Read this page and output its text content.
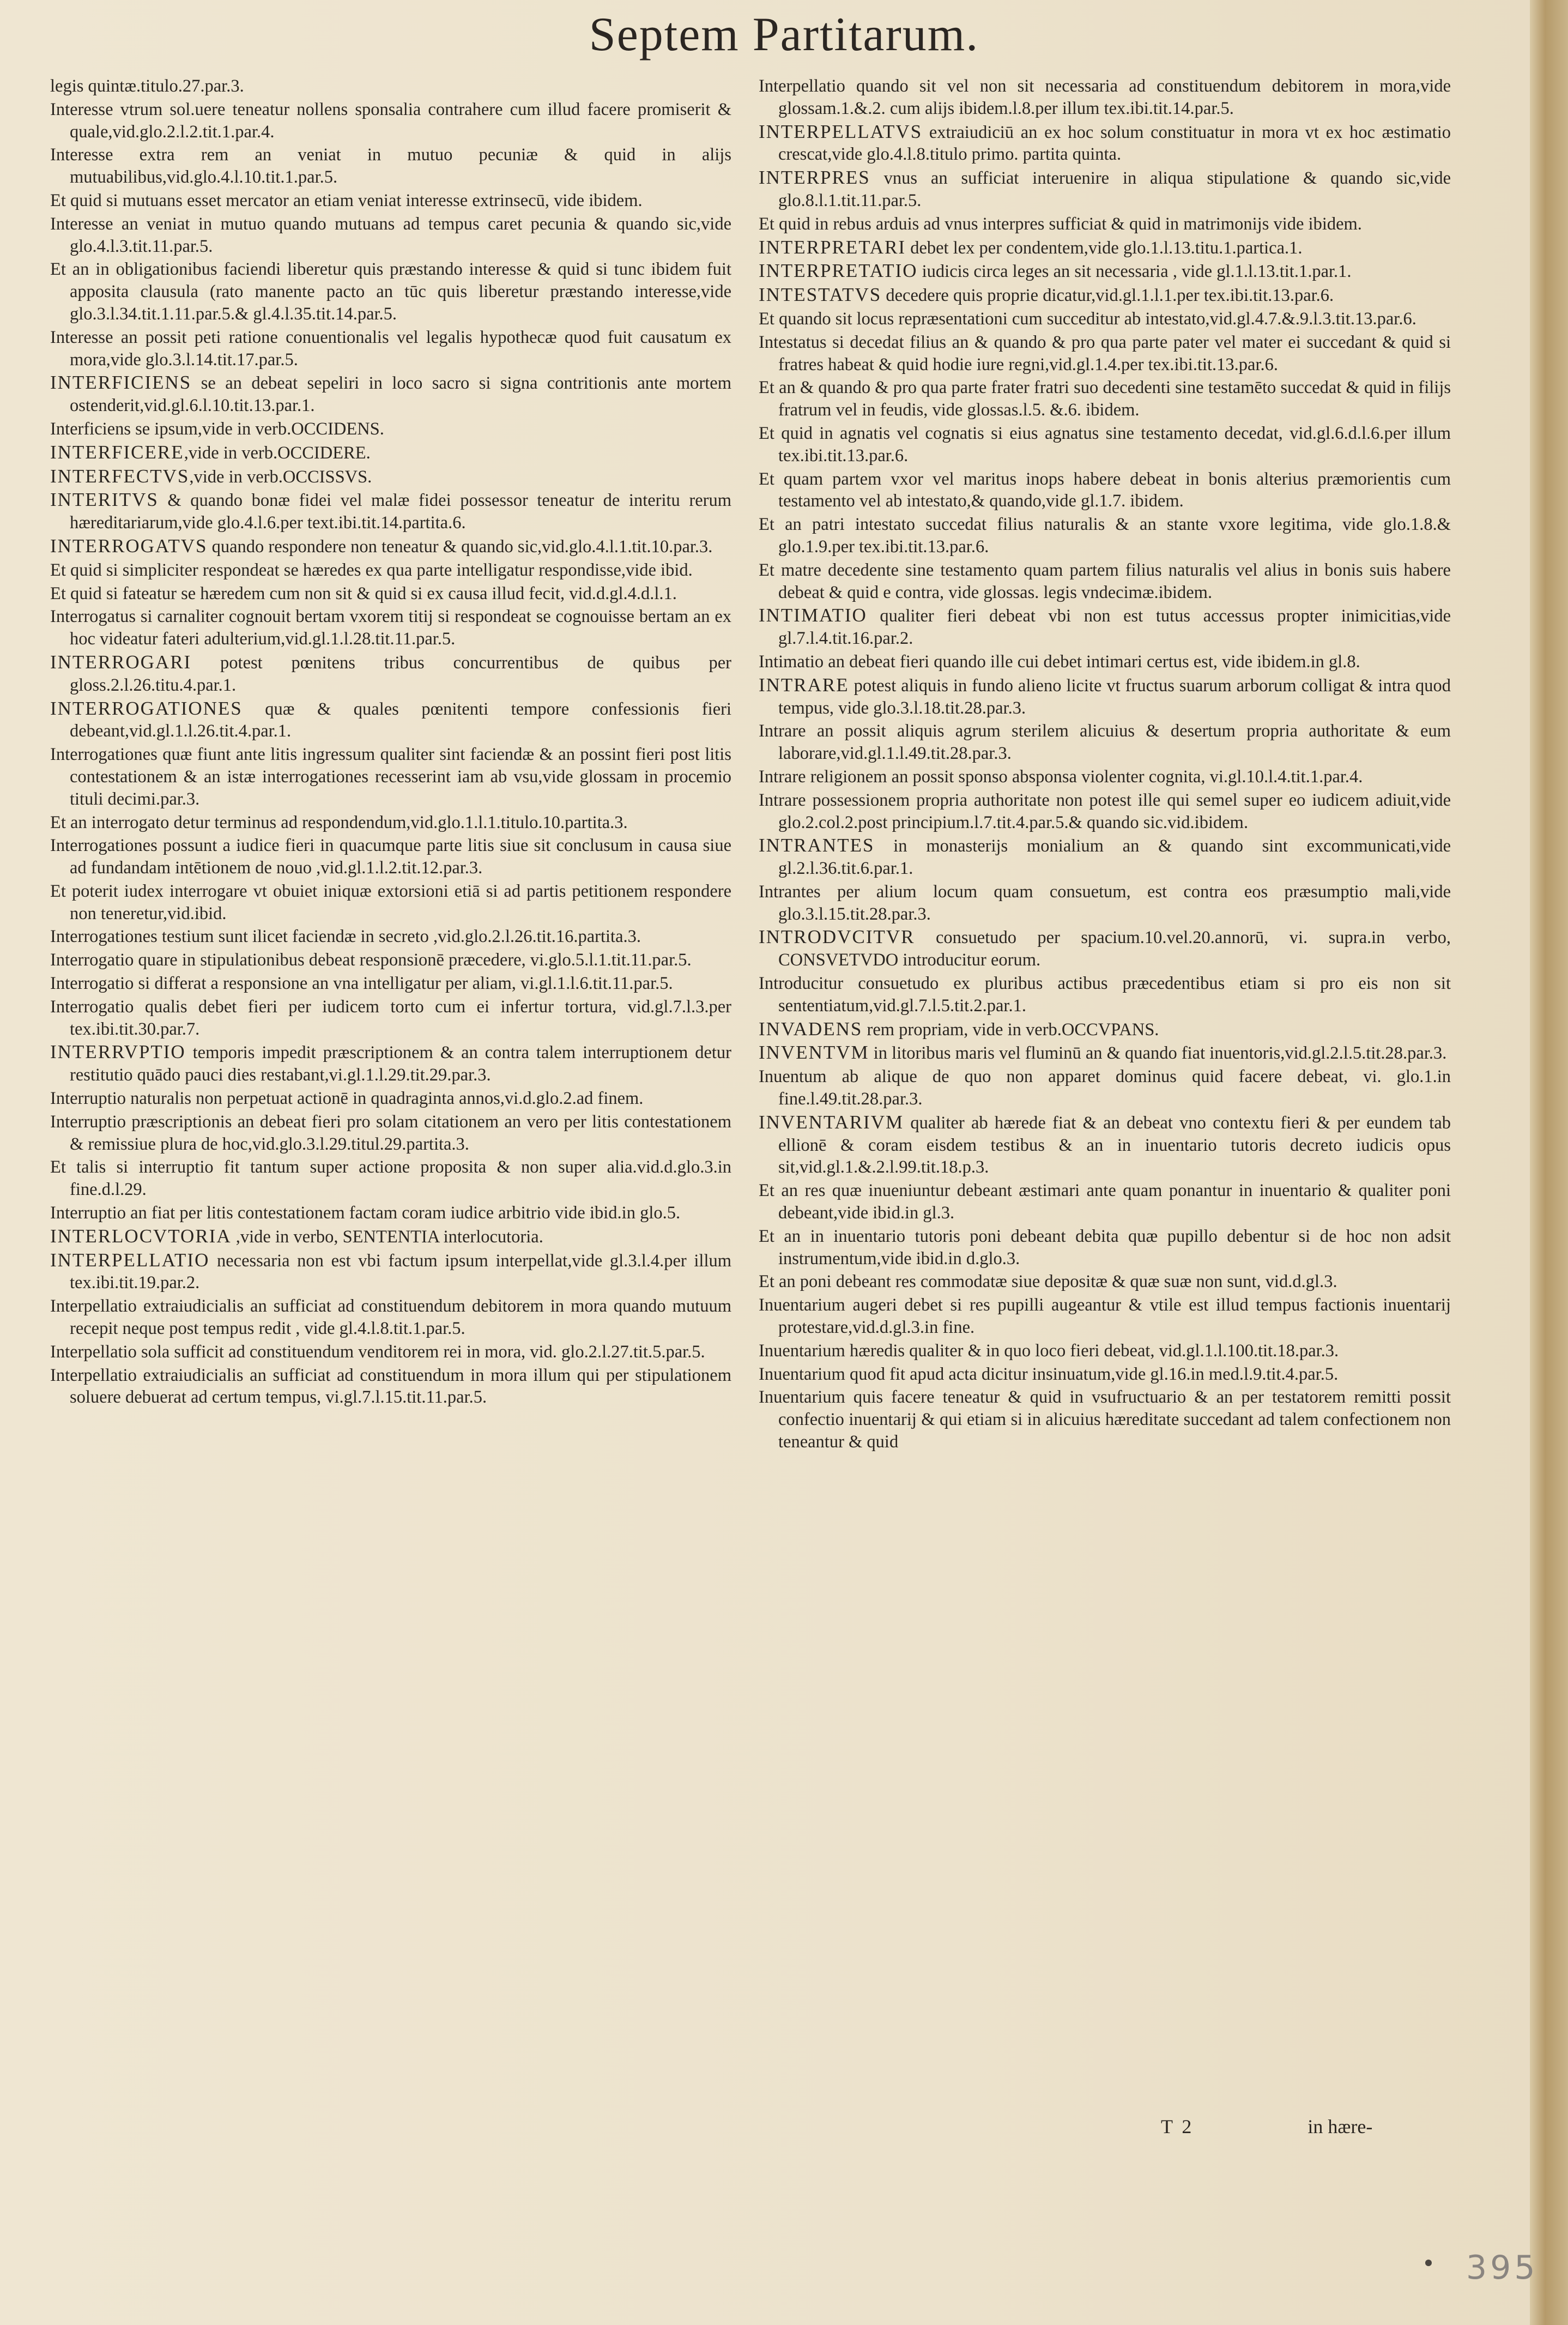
Septem Partitarum.

legis quintæ.titulo.27.par.3.

Interesse vtrum sol.uere teneatur nollens sponsalia contrahere cum illud facere promiserit & quale,vid.glo.2.l.2.tit.1.par.4.

Interesse extra rem an veniat in mutuo pecuniæ & quid in alijs mutuabilibus,vid.glo.4.l.10.tit.1.par.5.

Et quid si mutuans esset mercator an etiam veniat interesse extrinsecū, vide ibidem.

Interesse an veniat in mutuo quando mutuans ad tempus caret pecunia & quando sic,vide glo.4.l.3.tit.11.par.5.

Et an in obligationibus faciendi liberetur quis præstando interesse & quid si tunc ibidem fuit apposita clausula (rato manente pacto an tūc quis liberetur præstando interesse,vide glo.3.l.34.tit.1.11.par.5.& gl.4.l.35.tit.14.par.5.

Interesse an possit peti ratione conuentionalis vel legalis hypothecæ quod fuit causatum ex mora,vide glo.3.l.14.tit.17.par.5.

INTERFICIENS se an debeat sepeliri in loco sacro si signa contritionis ante mortem ostenderit,vid.gl.6.l.10.tit.13.par.1.

Interficiens se ipsum,vide in verb.OCCIDENS.

INTERFICERE,vide in verb.OCCIDERE.

INTERFECTVS,vide in verb.OCCISSVS.

INTERITVS & quando bonæ fidei vel malæ fidei possessor teneatur de interitu rerum hæreditariarum,vide glo.4.l.6.per text.ibi.tit.14.partita.6.

INTERROGATVS quando respondere non teneatur & quando sic,vid.glo.4.l.1.tit.10.par.3.

Et quid si simpliciter respondeat se hæredes ex qua parte intelligatur respondisse,vide ibid.

Et quid si fateatur se hæredem cum non sit & quid si ex causa illud fecit, vid.d.gl.4.d.l.1.

Interrogatus si carnaliter cognouit bertam vxorem titij si respondeat se cognouisse bertam an ex hoc videatur fateri adulterium,vid.gl.1.l.28.tit.11.par.5.

INTERROGARI potest pœnitens tribus concurrentibus de quibus per gloss.2.l.26.titu.4.par.1.

INTERROGATIONES quæ & quales pœnitenti tempore confessionis fieri debeant,vid.gl.1.l.26.tit.4.par.1.

Interrogationes quæ fiunt ante litis ingressum qualiter sint faciendæ & an possint fieri post litis contestationem & an istæ interrogationes recesserint iam ab vsu,vide glossam in procemio tituli decimi.par.3.

Et an interrogato detur terminus ad respondendum,vid.glo.1.l.1.titulo.10.partita.3.

Interrogationes possunt a iudice fieri in quacumque parte litis siue sit conclusum in causa siue ad fundandam intētionem de nouo ,vid.gl.1.l.2.tit.12.par.3.

Et poterit iudex interrogare vt obuiet iniquæ extorsioni etiā si ad partis petitionem respondere non teneretur,vid.ibid.

Interrogationes testium sunt ilicet faciendæ in secreto ,vid.glo.2.l.26.tit.16.partita.3.

Interrogatio quare in stipulationibus debeat responsionē præcedere, vi.glo.5.l.1.tit.11.par.5.

Interrogatio si differat a responsione an vna intelligatur per aliam, vi.gl.1.l.6.tit.11.par.5.

Interrogatio qualis debet fieri per iudicem torto cum ei infertur tortura, vid.gl.7.l.3.per tex.ibi.tit.30.par.7.

INTERRVPTIO temporis impedit præscriptionem & an contra talem interruptionem detur restitutio quādo pauci dies restabant,vi.gl.1.l.29.tit.29.par.3.

Interruptio naturalis non perpetuat actionē in quadraginta annos,vi.d.glo.2.ad finem.

Interruptio præscriptionis an debeat fieri pro solam citationem an vero per litis contestationem & remissiue plura de hoc,vid.glo.3.l.29.titul.29.partita.3.

Et talis si interruptio fit tantum super actione proposita & non super alia.vid.d.glo.3.in fine.d.l.29.

Interruptio an fiat per litis contestationem factam coram iudice arbitrio vide ibid.in glo.5.

INTERLOCVTORIA ,vide in verbo, SENTENTIA interlocutoria.

INTERPELLATIO necessaria non est vbi factum ipsum interpellat,vide gl.3.l.4.per illum tex.ibi.tit.19.par.2.

Interpellatio extraiudicialis an sufficiat ad constituendum debitorem in mora quando mutuum recepit neque post tempus redit , vide gl.4.l.8.tit.1.par.5.

Interpellatio sola sufficit ad constituendum venditorem rei in mora, vid. glo.2.l.27.tit.5.par.5.

Interpellatio extraiudicialis an sufficiat ad constituendum in mora illum qui per stipulationem soluere debuerat ad certum tempus, vi.gl.7.l.15.tit.11.par.5.

Interpellatio quando sit vel non sit necessaria ad constituendum debitorem in mora,vide glossam.1.&.2. cum alijs ibidem.l.8.per illum tex.ibi.tit.14.par.5.

INTERPELLATVS extraiudiciū an ex hoc solum constituatur in mora vt ex hoc æstimatio crescat,vide glo.4.l.8.titulo primo. partita quinta.

INTERPRES vnus an sufficiat interuenire in aliqua stipulatione & quando sic,vide glo.8.l.1.tit.11.par.5.

Et quid in rebus arduis ad vnus interpres sufficiat & quid in matrimonijs vide ibidem.

INTERPRETARI debet lex per condentem,vide glo.1.l.13.titu.1.partica.1.

INTERPRETATIO iudicis circa leges an sit necessaria , vide gl.1.l.13.tit.1.par.1.

INTESTATVS decedere quis proprie dicatur,vid.gl.1.l.1.per tex.ibi.tit.13.par.6.

Et quando sit locus repræsentationi cum succeditur ab intestato,vid.gl.4.7.&.9.l.3.tit.13.par.6.

Intestatus si decedat filius an & quando & pro qua parte pater vel mater ei succedant & quid si fratres habeat & quid hodie iure regni,vid.gl.1.4.per tex.ibi.tit.13.par.6.

Et an & quando & pro qua parte frater fratri suo decedenti sine testamēto succedat & quid in filijs fratrum vel in feudis, vide glossas.l.5. &.6. ibidem.

Et quid in agnatis vel cognatis si eius agnatus sine testamento decedat, vid.gl.6.d.l.6.per illum tex.ibi.tit.13.par.6.

Et quam partem vxor vel maritus inops habere debeat in bonis alterius præmorientis cum testamento vel ab intestato,& quando,vide gl.1.7. ibidem.

Et an patri intestato succedat filius naturalis & an stante vxore legitima, vide glo.1.8.& glo.1.9.per tex.ibi.tit.13.par.6.

Et matre decedente sine testamento quam partem filius naturalis vel alius in bonis suis habere debeat & quid e contra, vide glossas. legis vndecimæ.ibidem.

INTIMATIO qualiter fieri debeat vbi non est tutus accessus propter inimicitias,vide gl.7.l.4.tit.16.par.2.

Intimatio an debeat fieri quando ille cui debet intimari certus est, vide ibidem.in gl.8.

INTRARE potest aliquis in fundo alieno licite vt fructus suarum arborum colligat & intra quod tempus, vide glo.3.l.18.tit.28.par.3.

Intrare an possit aliquis agrum sterilem alicuius & desertum propria authoritate & eum laborare,vid.gl.1.l.49.tit.28.par.3.

Intrare religionem an possit sponso absponsa violenter cognita, vi.gl.10.l.4.tit.1.par.4.

Intrare possessionem propria authoritate non potest ille qui semel super eo iudicem adiuit,vide glo.2.col.2.post principium.l.7.tit.4.par.5.& quando sic.vid.ibidem.

INTRANTES in monasterijs monialium an & quando sint excommunicati,vide gl.2.l.36.tit.6.par.1.

Intrantes per alium locum quam consuetum, est contra eos præsumptio mali,vide glo.3.l.15.tit.28.par.3.

INTRODVCITVR consuetudo per spacium.10.vel.20.annorū, vi. supra.in verbo, CONSVETVDO introducitur eorum.

Introducitur consuetudo ex pluribus actibus præcedentibus etiam si pro eis non sit sententiatum,vid.gl.7.l.5.tit.2.par.1.

INVADENS rem propriam, vide in verb.OCCVPANS.

INVENTVM in litoribus maris vel fluminū an & quando fiat inuentoris,vid.gl.2.l.5.tit.28.par.3.

Inuentum ab alique de quo non apparet dominus quid facere debeat, vi. glo.1.in fine.l.49.tit.28.par.3.

INVENTARIVM qualiter ab hærede fiat & an debeat vno contextu fieri & per eundem tab ellionē & coram eisdem testibus & an in inuentario tutoris decreto iudicis opus sit,vid.gl.1.&.2.l.99.tit.18.p.3.

Et an res quæ inueniuntur debeant æstimari ante quam ponantur in inuentario & qualiter poni debeant,vide ibid.in gl.3.

Et an in inuentario tutoris poni debeant debita quæ pupillo debentur si de hoc non adsit instrumentum,vide ibid.in d.glo.3.

Et an poni debeant res commodatæ siue depositæ & quæ suæ non sunt, vid.d.gl.3.

Inuentarium augeri debet si res pupilli augeantur & vtile est illud tempus factionis inuentarij protestare,vid.d.gl.3.in fine.

Inuentarium hæredis qualiter & in quo loco fieri debeat, vid.gl.1.l.100.tit.18.par.3.

Inuentarium quod fit apud acta dicitur insinuatum,vide gl.16.in med.l.9.tit.4.par.5.

Inuentarium quis facere teneatur & quid in vsufructuario & an per testatorem remitti possit confectio inuentarij & qui etiam si in alicuius hæreditate succedant ad talem confectionem non teneantur & quid

T 2	in hære-
395
